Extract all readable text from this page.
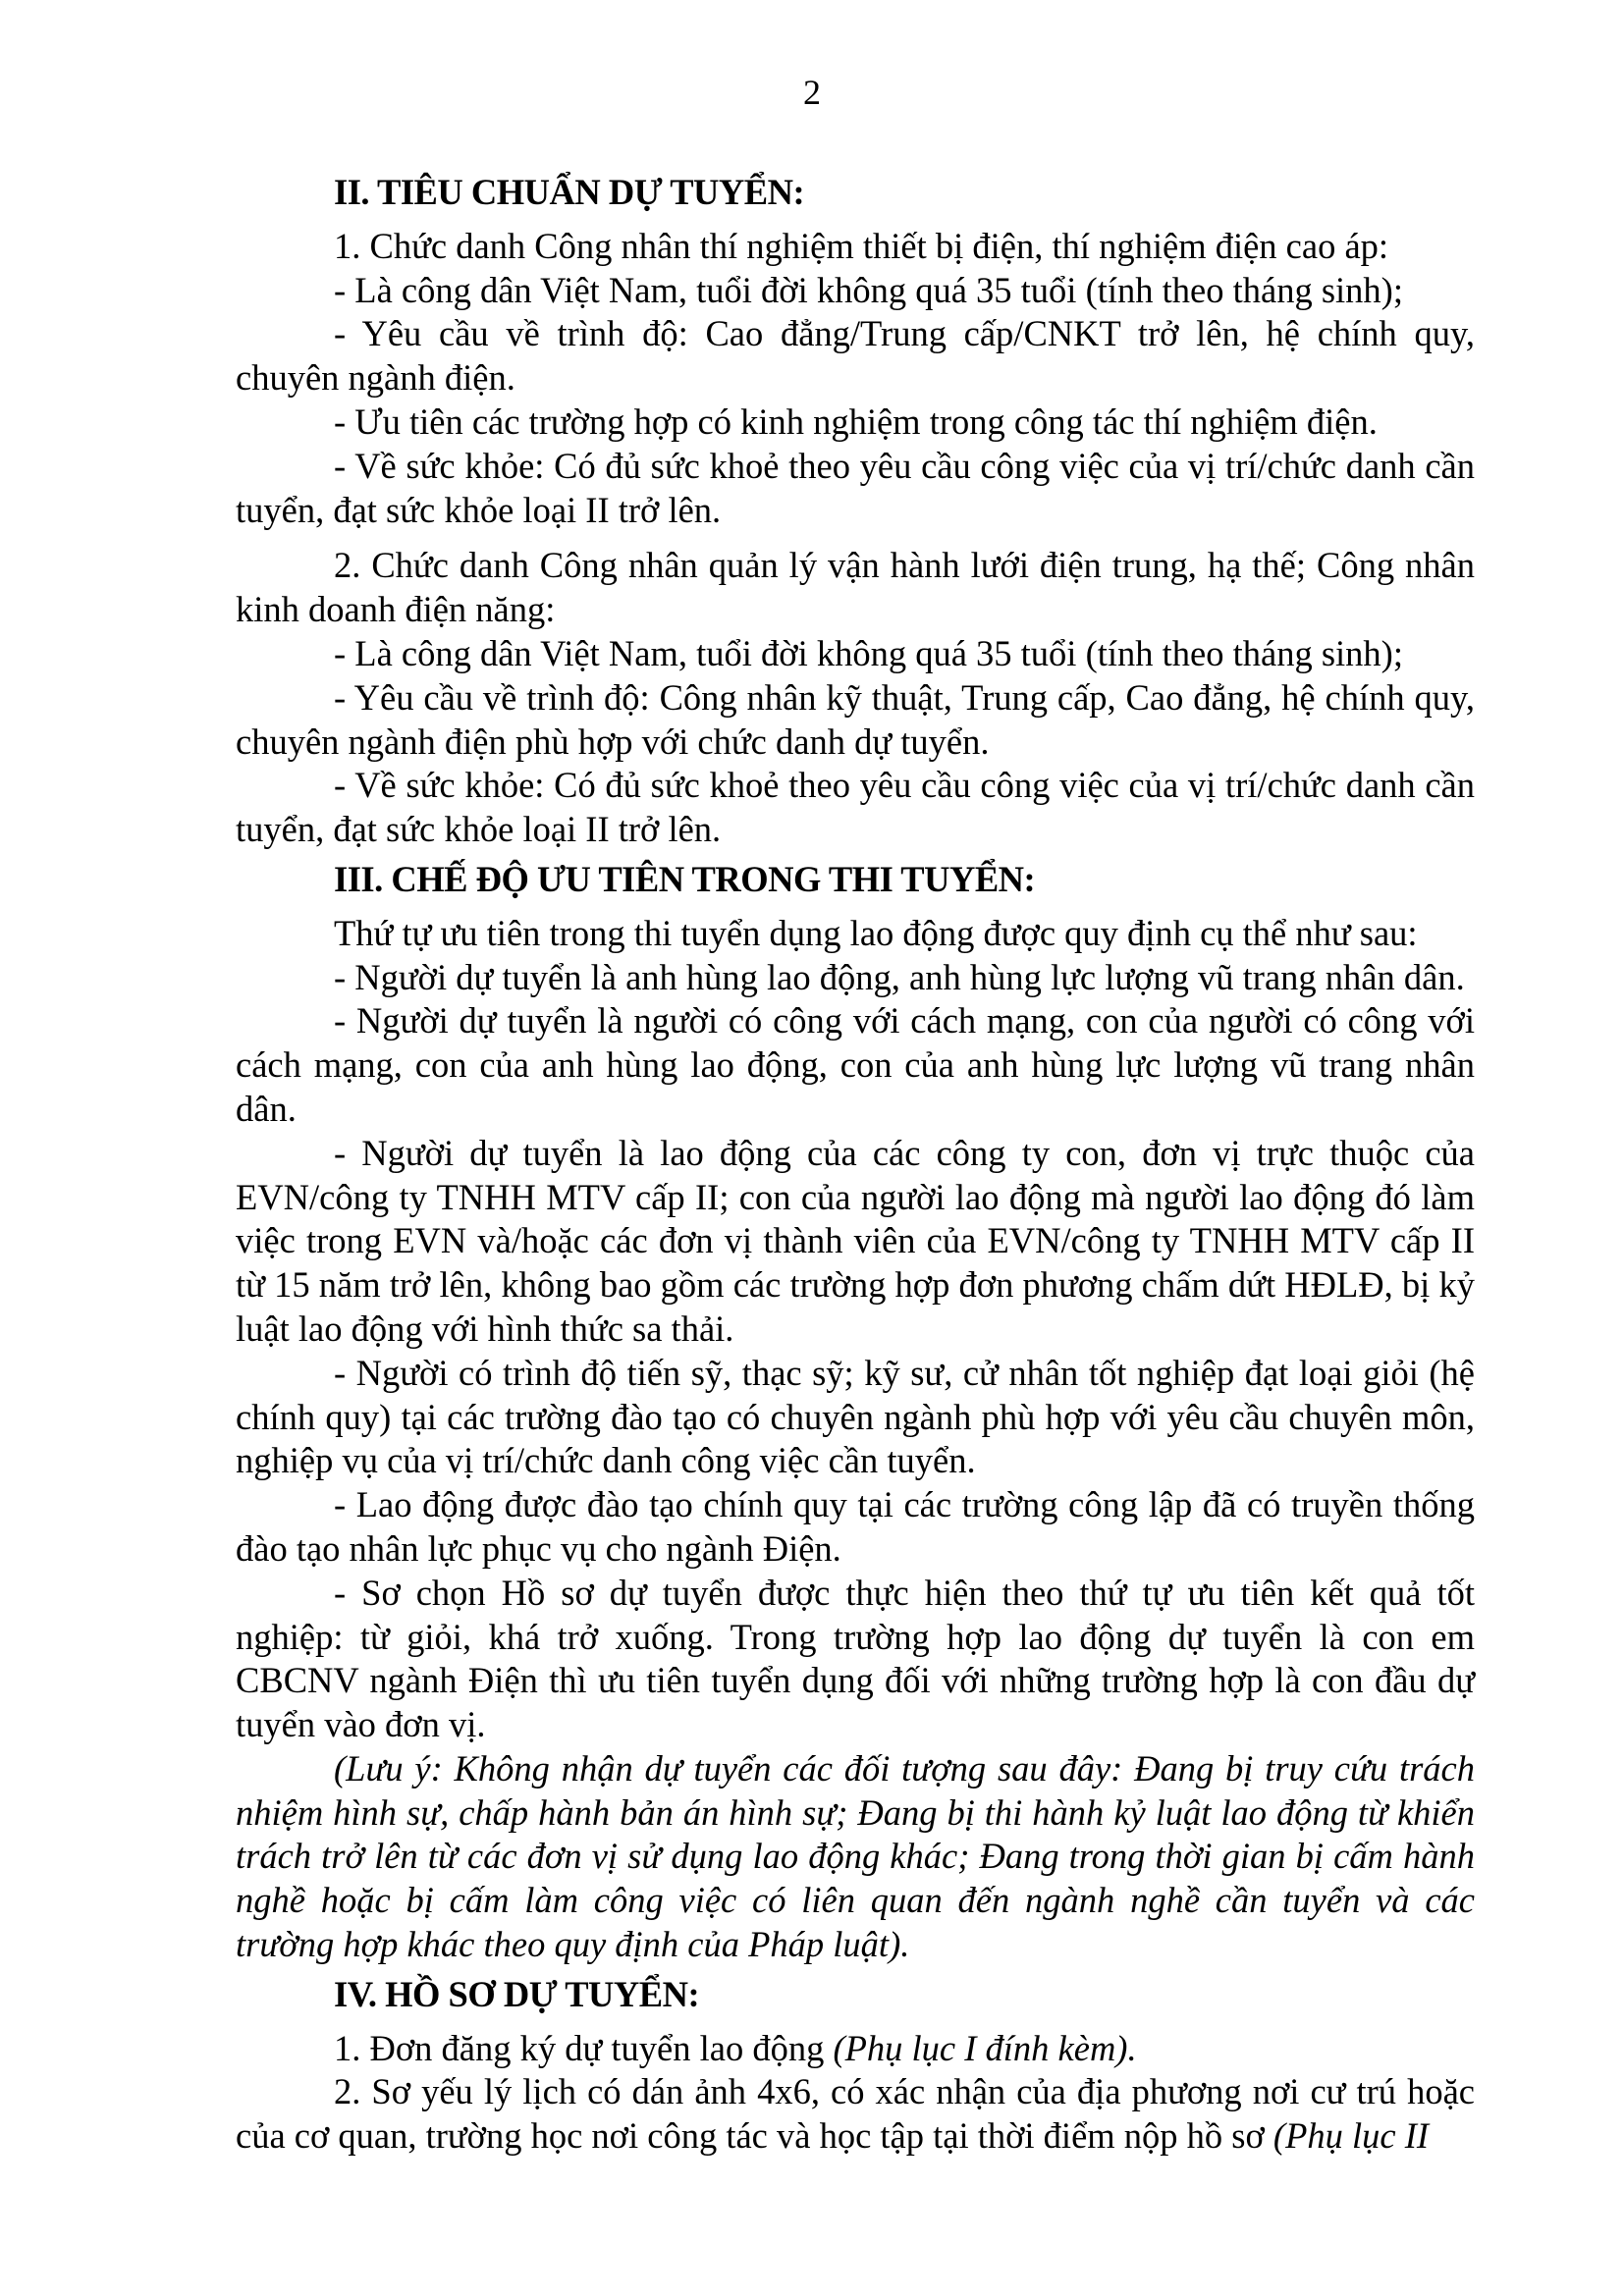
2

II. TIÊU CHUẨN DỰ TUYỂN:

1. Chức danh Công nhân thí nghiệm thiết bị điện, thí nghiệm điện cao áp:

- Là công dân Việt Nam, tuổi đời không quá 35 tuổi (tính theo tháng sinh);

- Yêu cầu về trình độ: Cao đẳng/Trung cấp/CNKT trở lên, hệ chính quy, chuyên ngành điện.

- Ưu tiên các trường hợp có kinh nghiệm trong công tác thí nghiệm điện.

- Về sức khỏe: Có đủ sức khoẻ theo yêu cầu công việc của vị trí/chức danh cần tuyển, đạt sức khỏe loại II trở lên.

2. Chức danh Công nhân quản lý vận hành lưới điện trung, hạ thế; Công nhân kinh doanh điện năng:

- Là công dân Việt Nam, tuổi đời không quá 35 tuổi (tính theo tháng sinh);

- Yêu cầu về trình độ: Công nhân kỹ thuật, Trung cấp, Cao đẳng, hệ chính quy, chuyên ngành điện phù hợp với chức danh dự tuyển.

- Về sức khỏe: Có đủ sức khoẻ theo yêu cầu công việc của vị trí/chức danh cần tuyển, đạt sức khỏe loại II trở lên.

III. CHẾ ĐỘ ƯU TIÊN TRONG THI TUYỂN:

Thứ tự ưu tiên trong thi tuyển dụng lao động được quy định cụ thể như sau:

- Người dự tuyển là anh hùng lao động, anh hùng lực lượng vũ trang nhân dân.

- Người dự tuyển là người có công với cách mạng, con của người có công với cách mạng, con của anh hùng lao động, con của anh hùng lực lượng vũ trang nhân dân.

- Người dự tuyển là lao động của các công ty con, đơn vị trực thuộc của EVN/công ty TNHH MTV cấp II; con của người lao động mà người lao động đó làm việc trong EVN và/hoặc các đơn vị thành viên của EVN/công ty TNHH MTV cấp II từ 15 năm trở lên, không bao gồm các trường hợp đơn phương chấm dứt HĐLĐ, bị kỷ luật lao động với hình thức sa thải.

- Người có trình độ tiến sỹ, thạc sỹ; kỹ sư, cử nhân tốt nghiệp đạt loại giỏi (hệ chính quy) tại các trường đào tạo có chuyên ngành phù hợp với yêu cầu chuyên môn, nghiệp vụ của vị trí/chức danh công việc cần tuyển.

- Lao động được đào tạo chính quy tại các trường công lập đã có truyền thống đào tạo nhân lực phục vụ cho ngành Điện.

- Sơ chọn Hồ sơ dự tuyển được thực hiện theo thứ tự ưu tiên kết quả tốt nghiệp: từ giỏi, khá trở xuống. Trong trường hợp lao động dự tuyển là con em CBCNV ngành Điện thì ưu tiên tuyển dụng đối với những trường hợp là con đầu dự tuyển vào đơn vị.

(Lưu ý: Không nhận dự tuyển các đối tượng sau đây: Đang bị truy cứu trách nhiệm hình sự, chấp hành bản án hình sự; Đang bị thi hành kỷ luật lao động từ khiển trách trở lên từ các đơn vị sử dụng lao động khác; Đang trong thời gian bị cấm hành nghề hoặc bị cấm làm công việc có liên quan đến ngành nghề cần tuyển và các trường hợp khác theo quy định của Pháp luật).

IV. HỒ SƠ DỰ TUYỂN:

1. Đơn đăng ký dự tuyển lao động (Phụ lục I đính kèm).

2. Sơ yếu lý lịch có dán ảnh 4x6, có xác nhận của địa phương nơi cư trú hoặc của cơ quan, trường học nơi công tác và học tập tại thời điểm nộp hồ sơ (Phụ lục II
